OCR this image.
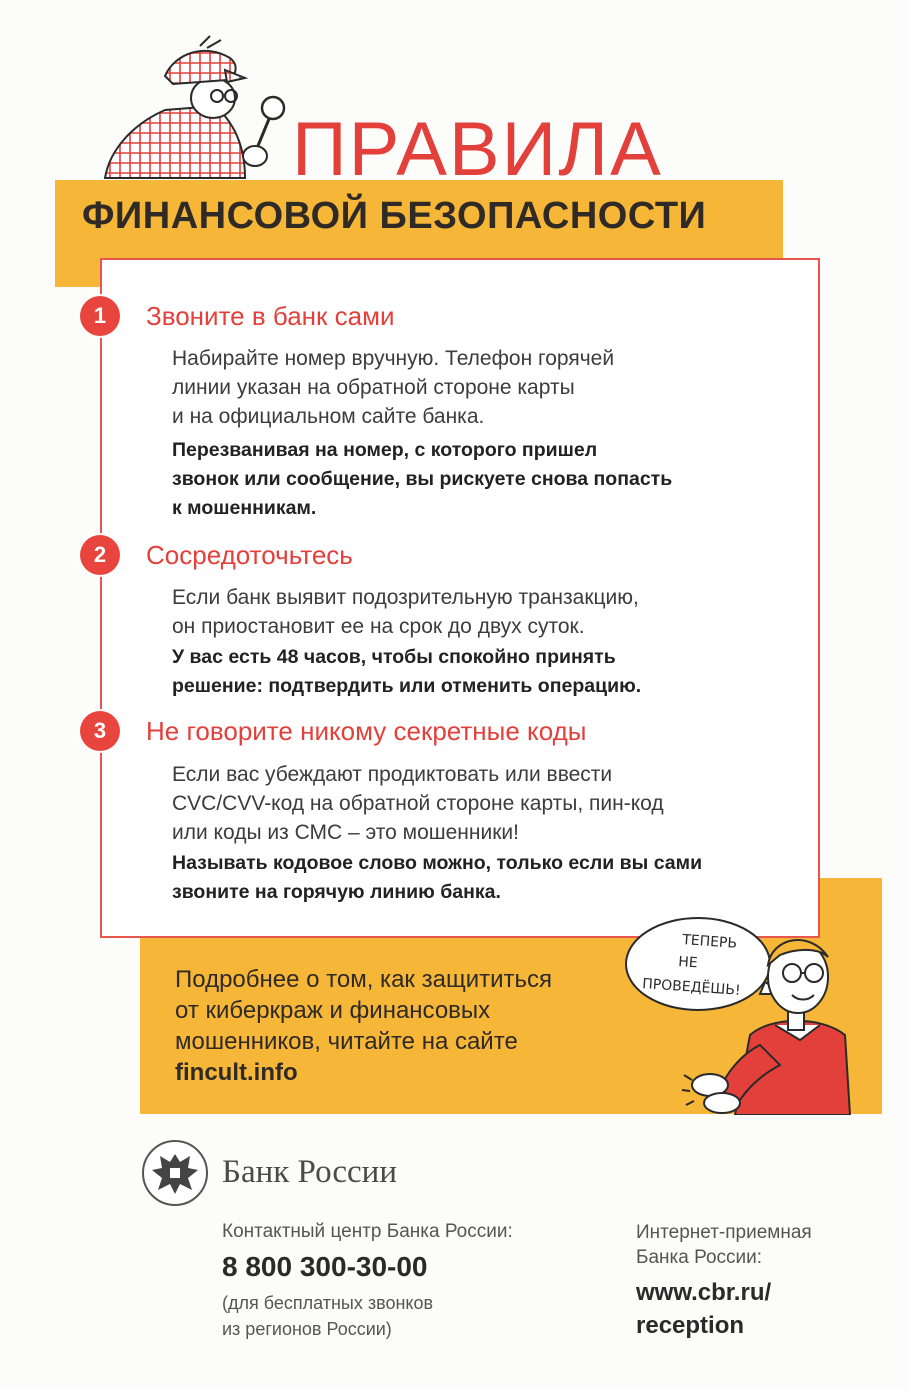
ПРАВИЛА
ФИНАНСОВОЙ БЕЗОПАСНОСТИ
1	Звоните в банк сами
Набирайте номер вручную. Телефон горячей
линии указан на обратной стороне карты
и на официальном сайте банка.
Перезванивая на номер, с которого пришел
звонок или сообщение, вы рискуете снова попасть
к мошенникам.
2	Сосредоточьтесь
Если банк выявит подозрительную транзакцию,
он приостановит ее на срок до двух суток.
У вас есть 48 часов, чтобы спокойно принять
решение: подтвердить или отменить операцию.
3	Не говорите никому секретные коды
Если вас убеждают продиктовать или ввести
CVC/CVV-код на обратной стороне карты, пин-код
или коды из СМС – это мошенники!
Называть кодовое слово можно, только если вы сами
звоните на горячую линию банка.
Подробнее о том, как защититься
от киберкраж и финансовых
мошенников, читайте на сайте
fincult.info
ТЕПЕРЬ
НЕ
ПРОВЕДЁШЬ!
Банк России
Контактный центр Банка России:
8 800 300-30-00
(для бесплатных звонков
из регионов России)
Интернет-приемная
Банка России:
www.cbr.ru/
reception
